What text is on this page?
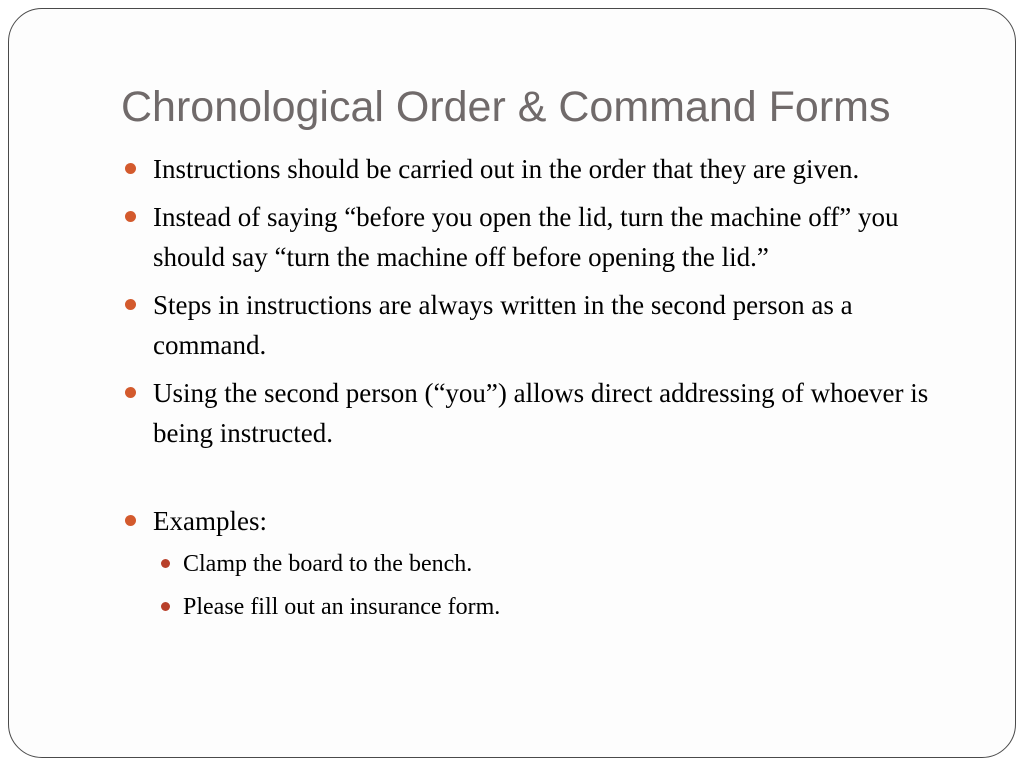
Chronological Order & Command Forms
Instructions should be carried out in the order that they are given.
Instead of saying “before you open the lid, turn the machine off” you should say “turn the machine off before opening the lid.”
Steps in instructions are always written in the second person as a command.
Using the second person (“you”) allows direct addressing of whoever is being instructed.
Examples:
Clamp the board to the bench.
Please fill out an insurance form.
